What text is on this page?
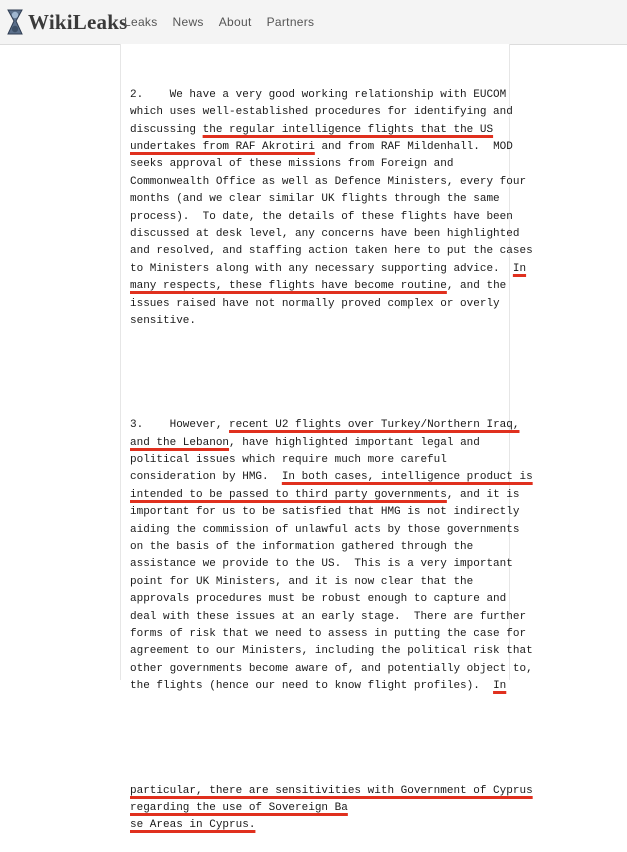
WikiLeaks
Leaks News About Partners

2.    We have a very good working relationship with EUCOM
which uses well-established procedures for identifying and
discussing the regular intelligence flights that the US
undertakes from RAF Akrotiri and from RAF Mildenhall.  MOD
seeks approval of these missions from Foreign and
Commonwealth Office as well as Defence Ministers, every four
months (and we clear similar UK flights through the same
process).  To date, the details of these flights have been
discussed at desk level, any concerns have been highlighted
and resolved, and staffing action taken here to put the cases
to Ministers along with any necessary supporting advice.  In
many respects, these flights have become routine, and the
issues raised have not normally proved complex or overly
sensitive.

3.    However, recent U2 flights over Turkey/Northern Iraq,
and the Lebanon, have highlighted important legal and
political issues which require much more careful
consideration by HMG.  In both cases, intelligence product is
intended to be passed to third party governments, and it is
important for us to be satisfied that HMG is not indirectly
aiding the commission of unlawful acts by those governments
on the basis of the information gathered through the
assistance we provide to the US.  This is a very important
point for UK Ministers, and it is now clear that the
approvals procedures must be robust enough to capture and
deal with these issues at an early stage.  There are further
forms of risk that we need to assess in putting the case for
agreement to our Ministers, including the political risk that
other governments become aware of, and potentially object to,
the flights (hence our need to know flight profiles).  In

particular, there are sensitivities with Government of Cyprus
regarding the use of Sovereign Ba
se Areas in Cyprus.
